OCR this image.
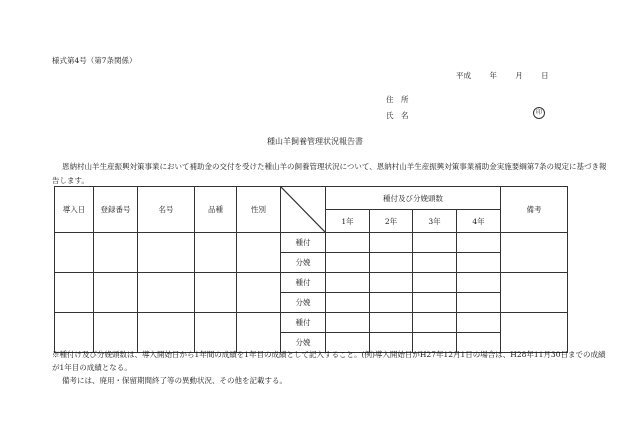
様式第4号（第7条関係）
平成 年 月 日
住　所
氏　名	印
種山羊飼養管理状況報告書

恩納村山羊生産振興対策事業において補助金の交付を受けた種山羊の飼養管理状況について、恩納村山羊生産振興対策事業補助金実施要綱第7条の規定に基づき報告します。

導入日	登録番号	名号	品種	性別		種付及び分娩頭数				備考
						1年	2年	3年	4年	
					種付					
					分娩					
					種付					
					分娩					
					種付					
					分娩					

※種付け及び分娩頭数は、導入開始日から1年間の成績を1年目の成績として記入すること。(例)導入開始日がH27年12月1日の場合は、H28年11月30日までの成績が1年目の成績となる。

備考には、廃用・保留期間終了等の異動状況、その他を記載する。
